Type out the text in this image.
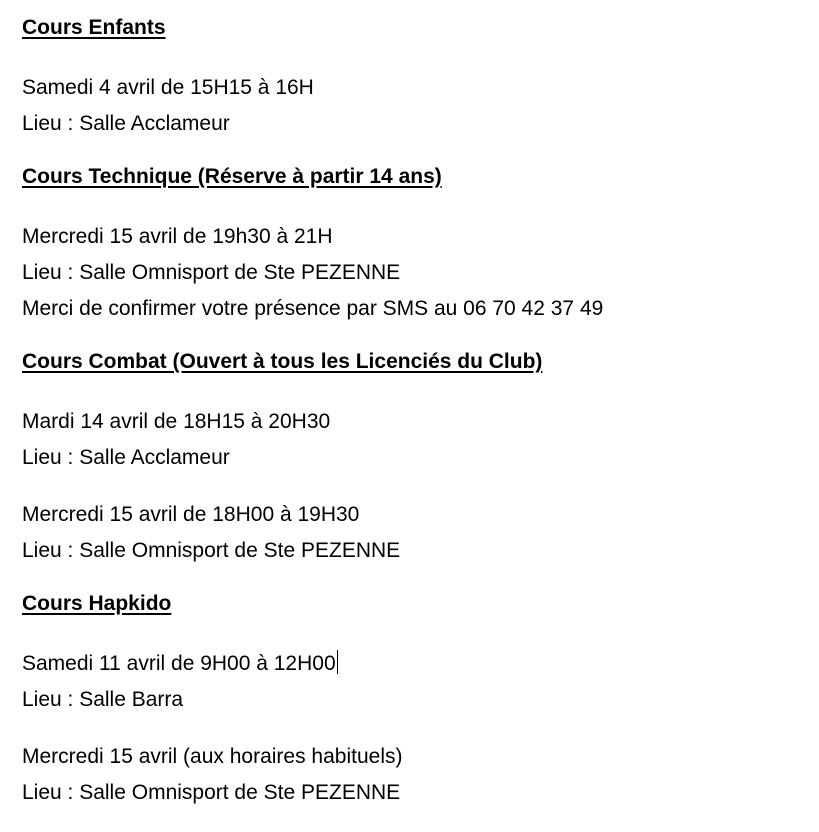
Cours Enfants
Samedi 4 avril de 15H15 à 16H
Lieu : Salle Acclameur
Cours Technique (Réserve à partir 14 ans)
Mercredi 15 avril de 19h30 à 21H
Lieu : Salle Omnisport de Ste PEZENNE
Merci de confirmer votre présence par SMS au 06 70 42 37 49
Cours Combat (Ouvert à tous les Licenciés du Club)
Mardi 14 avril de 18H15 à 20H30
Lieu : Salle Acclameur
Mercredi 15 avril de 18H00 à 19H30
Lieu : Salle Omnisport de Ste PEZENNE
Cours Hapkido
Samedi 11 avril de 9H00 à 12H00
Lieu : Salle Barra
Mercredi 15 avril (aux horaires habituels)
Lieu : Salle Omnisport de Ste PEZENNE
